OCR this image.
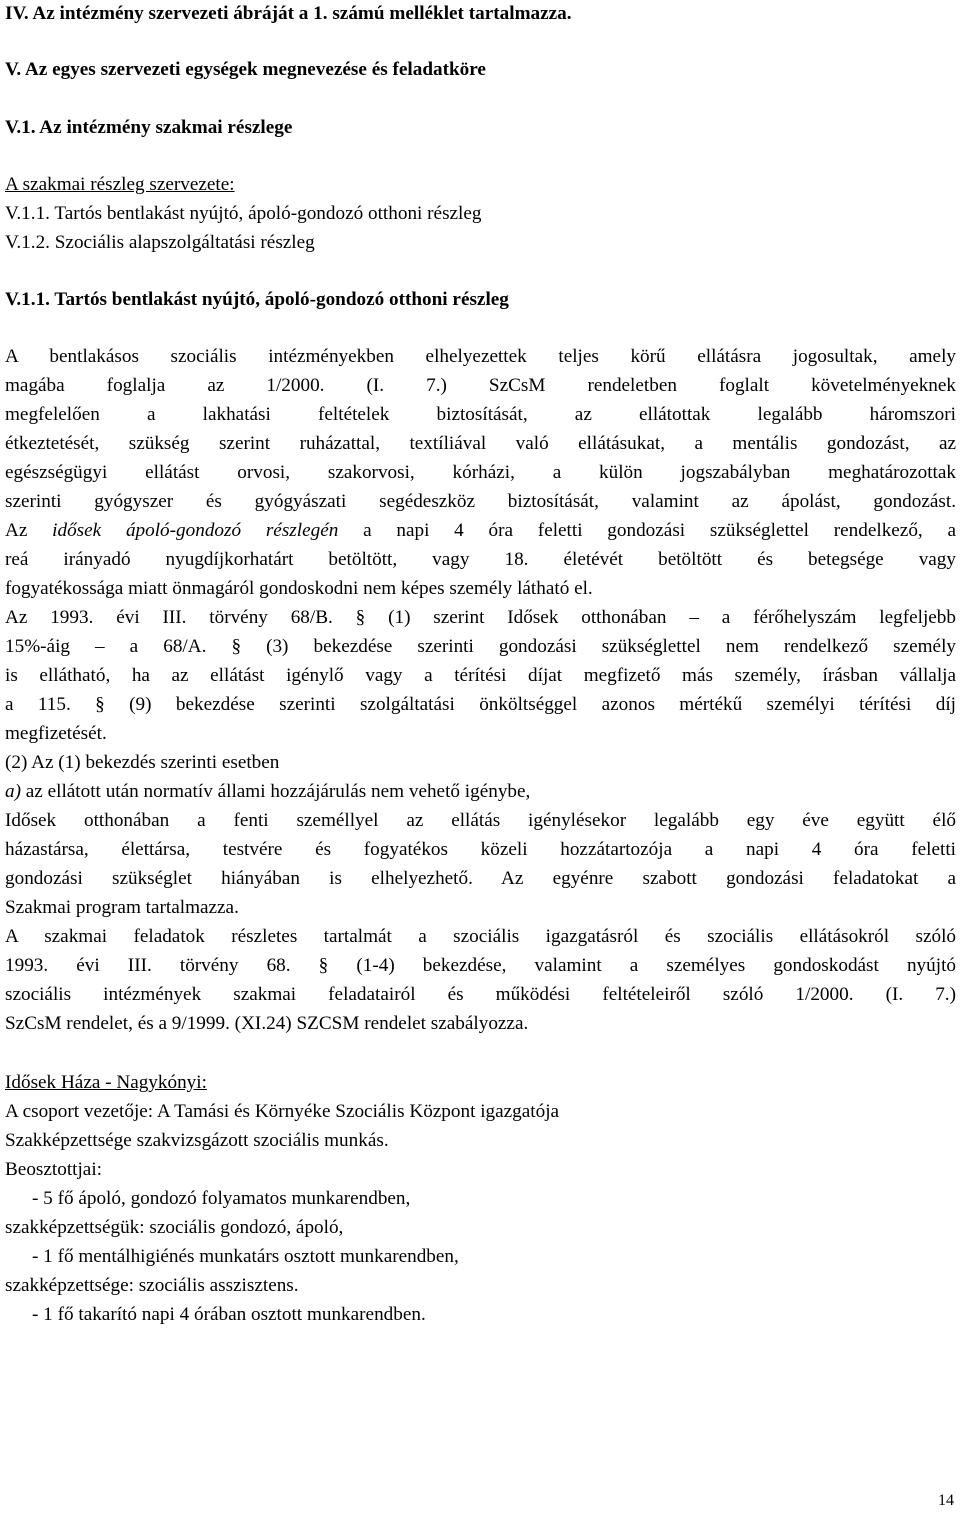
IV. Az intézmény szervezeti ábráját a 1. számú melléklet tartalmazza.
V. Az egyes szervezeti egységek megnevezése és feladatköre
V.1. Az intézmény szakmai részlege
A szakmai részleg szervezete:
V.1.1. Tartós bentlakást nyújtó, ápoló-gondozó otthoni részleg
V.1.2. Szociális alapszolgáltatási részleg
V.1.1. Tartós bentlakást nyújtó, ápoló-gondozó otthoni részleg
A bentlakásos szociális intézményekben elhelyezettek teljes körű ellátásra jogosultak, amely
magába foglalja az 1/2000. (I. 7.) SzCsM rendeletben foglalt követelményeknek
megfelelően a lakhatási feltételek biztosítását, az ellátottak legalább háromszori
étkeztetését, szükség szerint ruházattal, textíliával való ellátásukat, a mentális gondozást, az
egészségügyi ellátást orvosi, szakorvosi, kórházi, a külön jogszabályban meghatározottak
szerinti gyógyszer és gyógyászati segédeszköz biztosítását, valamint az ápolást, gondozást.
Az idősek ápoló-gondozó részlegén a napi 4 óra feletti gondozási szükséglettel rendelkező, a
reá irányadó nyugdíjkorhatárt betöltött, vagy 18. életévét betöltött és betegsége vagy
fogyatékossága miatt önmagáról gondoskodni nem képes személy látható el.
Az 1993. évi III. törvény 68/B. § (1) szerint Idősek otthonában – a férőhelyszám legfeljebb
15%-áig – a 68/A. § (3) bekezdése szerinti gondozási szükséglettel nem rendelkező személy
is ellátható, ha az ellátást igénylő vagy a térítési díjat megfizető más személy, írásban vállalja
a 115. § (9) bekezdése szerinti szolgáltatási önköltséggel azonos mértékű személyi térítési díj
megfizetését.
(2) Az (1) bekezdés szerinti esetben
a) az ellátott után normatív állami hozzájárulás nem vehető igénybe,
Idősek otthonában a fenti személlyel az ellátás igénylésekor legalább egy éve együtt élő
házastársa, élettársa, testvére és fogyatékos közeli hozzátartozója a napi 4 óra feletti
gondozási szükséglet hiányában is elhelyezhető. Az egyénre szabott gondozási feladatokat a
Szakmai program tartalmazza.
A szakmai feladatok részletes tartalmát a szociális igazgatásról és szociális ellátásokról szóló
1993. évi III. törvény 68. § (1-4) bekezdése, valamint a személyes gondoskodást nyújtó
szociális intézmények szakmai feladatairól és működési feltételeiről szóló 1/2000. (I. 7.)
SzCsM rendelet, és a 9/1999. (XI.24) SZCSM rendelet szabályozza.
Idősek Háza - Nagykónyi:
A csoport vezetője: A Tamási és Környéke Szociális Központ igazgatója
Szakképzettsége szakvizsgázott szociális munkás.
Beosztottjai:
- 5 fő ápoló, gondozó folyamatos munkarendben,
szakképzettségük: szociális gondozó, ápoló,
- 1 fő mentálhigiénés munkatárs osztott munkarendben,
szakképzettsége: szociális asszisztens.
- 1 fő takarító napi 4 órában osztott munkarendben.
14
